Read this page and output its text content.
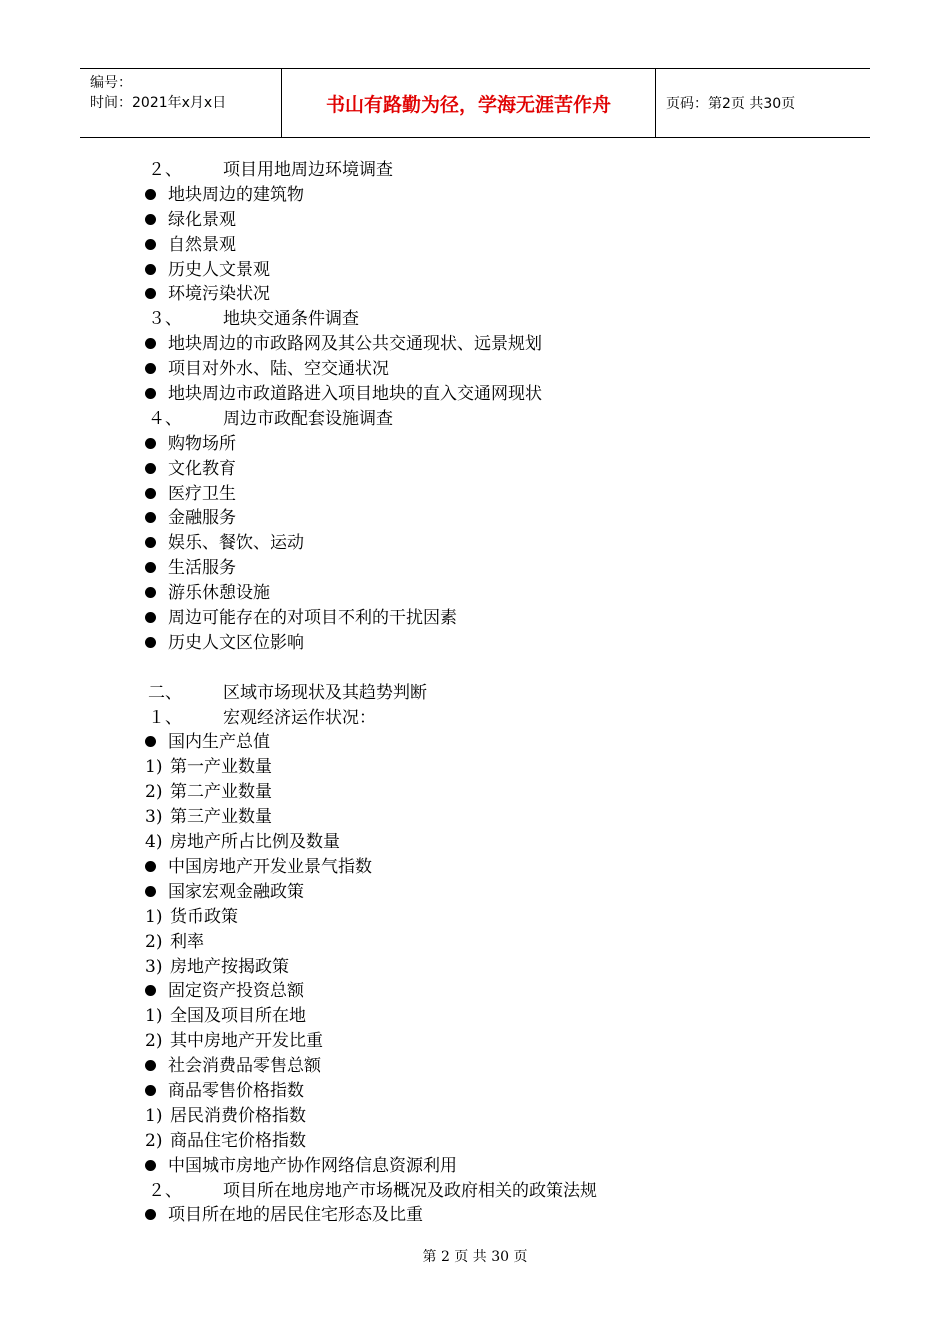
编号：
时间：2021年x月x日	书山有路勤为径，学海无涯苦作舟	页码：第2页 共30页
２、	项目用地周边环境调查
地块周边的建筑物
绿化景观
自然景观
历史人文景观
环境污染状况
３、	地块交通条件调查
地块周边的市政路网及其公共交通现状、远景规划
项目对外水、陆、空交通状况
地块周边市政道路进入项目地块的直入交通网现状
４、	周边市政配套设施调查
购物场所
文化教育
医疗卫生
金融服务
娱乐、餐饮、运动
生活服务
游乐休憩设施
周边可能存在的对项目不利的干扰因素
历史人文区位影响
二、	区域市场现状及其趋势判断
１、	宏观经济运作状况：
国内生产总值
1) 第一产业数量
2) 第二产业数量
3) 第三产业数量
4) 房地产所占比例及数量
中国房地产开发业景气指数
国家宏观金融政策
1) 货币政策
2) 利率
3) 房地产按揭政策
固定资产投资总额
1) 全国及项目所在地
2) 其中房地产开发比重
社会消费品零售总额
商品零售价格指数
1) 居民消费价格指数
2) 商品住宅价格指数
中国城市房地产协作网络信息资源利用
２、	项目所在地房地产市场概况及政府相关的政策法规
项目所在地的居民住宅形态及比重
第 2 页 共 30 页
